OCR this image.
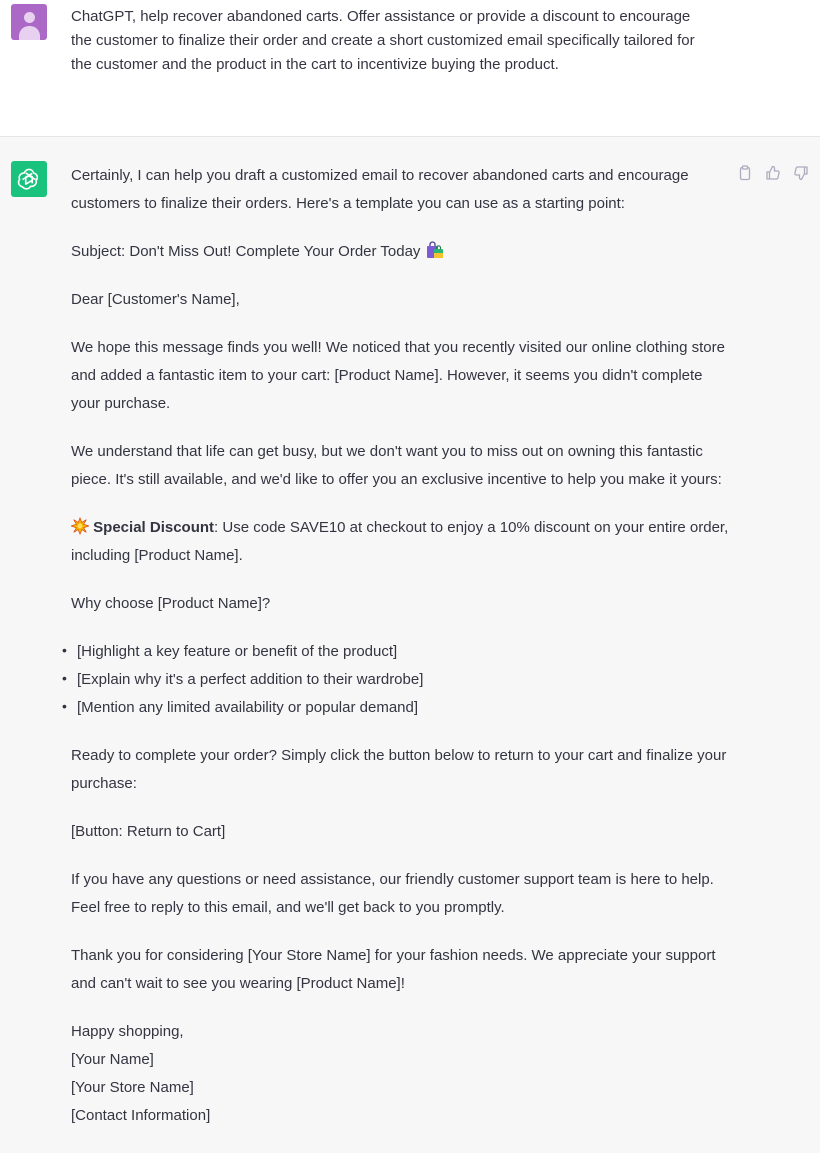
ChatGPT, help recover abandoned carts. Offer assistance or provide a discount to encourage the customer to finalize their order and create a short customized email specifically tailored for the customer and the product in the cart to incentivize buying the product.

Certainly, I can help you draft a customized email to recover abandoned carts and encourage customers to finalize their orders. Here's a template you can use as a starting point:

Subject: Don't Miss Out! Complete Your Order Today

Dear [Customer's Name],

We hope this message finds you well! We noticed that you recently visited our online clothing store and added a fantastic item to your cart: [Product Name]. However, it seems you didn't complete your purchase.

We understand that life can get busy, but we don't want you to miss out on owning this fantastic piece. It's still available, and we'd like to offer you an exclusive incentive to help you make it yours:

Special Discount: Use code SAVE10 at checkout to enjoy a 10% discount on your entire order, including [Product Name].

Why choose [Product Name]?

• [Highlight a key feature or benefit of the product]
• [Explain why it's a perfect addition to their wardrobe]
• [Mention any limited availability or popular demand]

Ready to complete your order? Simply click the button below to return to your cart and finalize your purchase:

[Button: Return to Cart]

If you have any questions or need assistance, our friendly customer support team is here to help. Feel free to reply to this email, and we'll get back to you promptly.

Thank you for considering [Your Store Name] for your fashion needs. We appreciate your support and can't wait to see you wearing [Product Name]!

Happy shopping,

[Your Name]

[Your Store Name]

[Contact Information]
